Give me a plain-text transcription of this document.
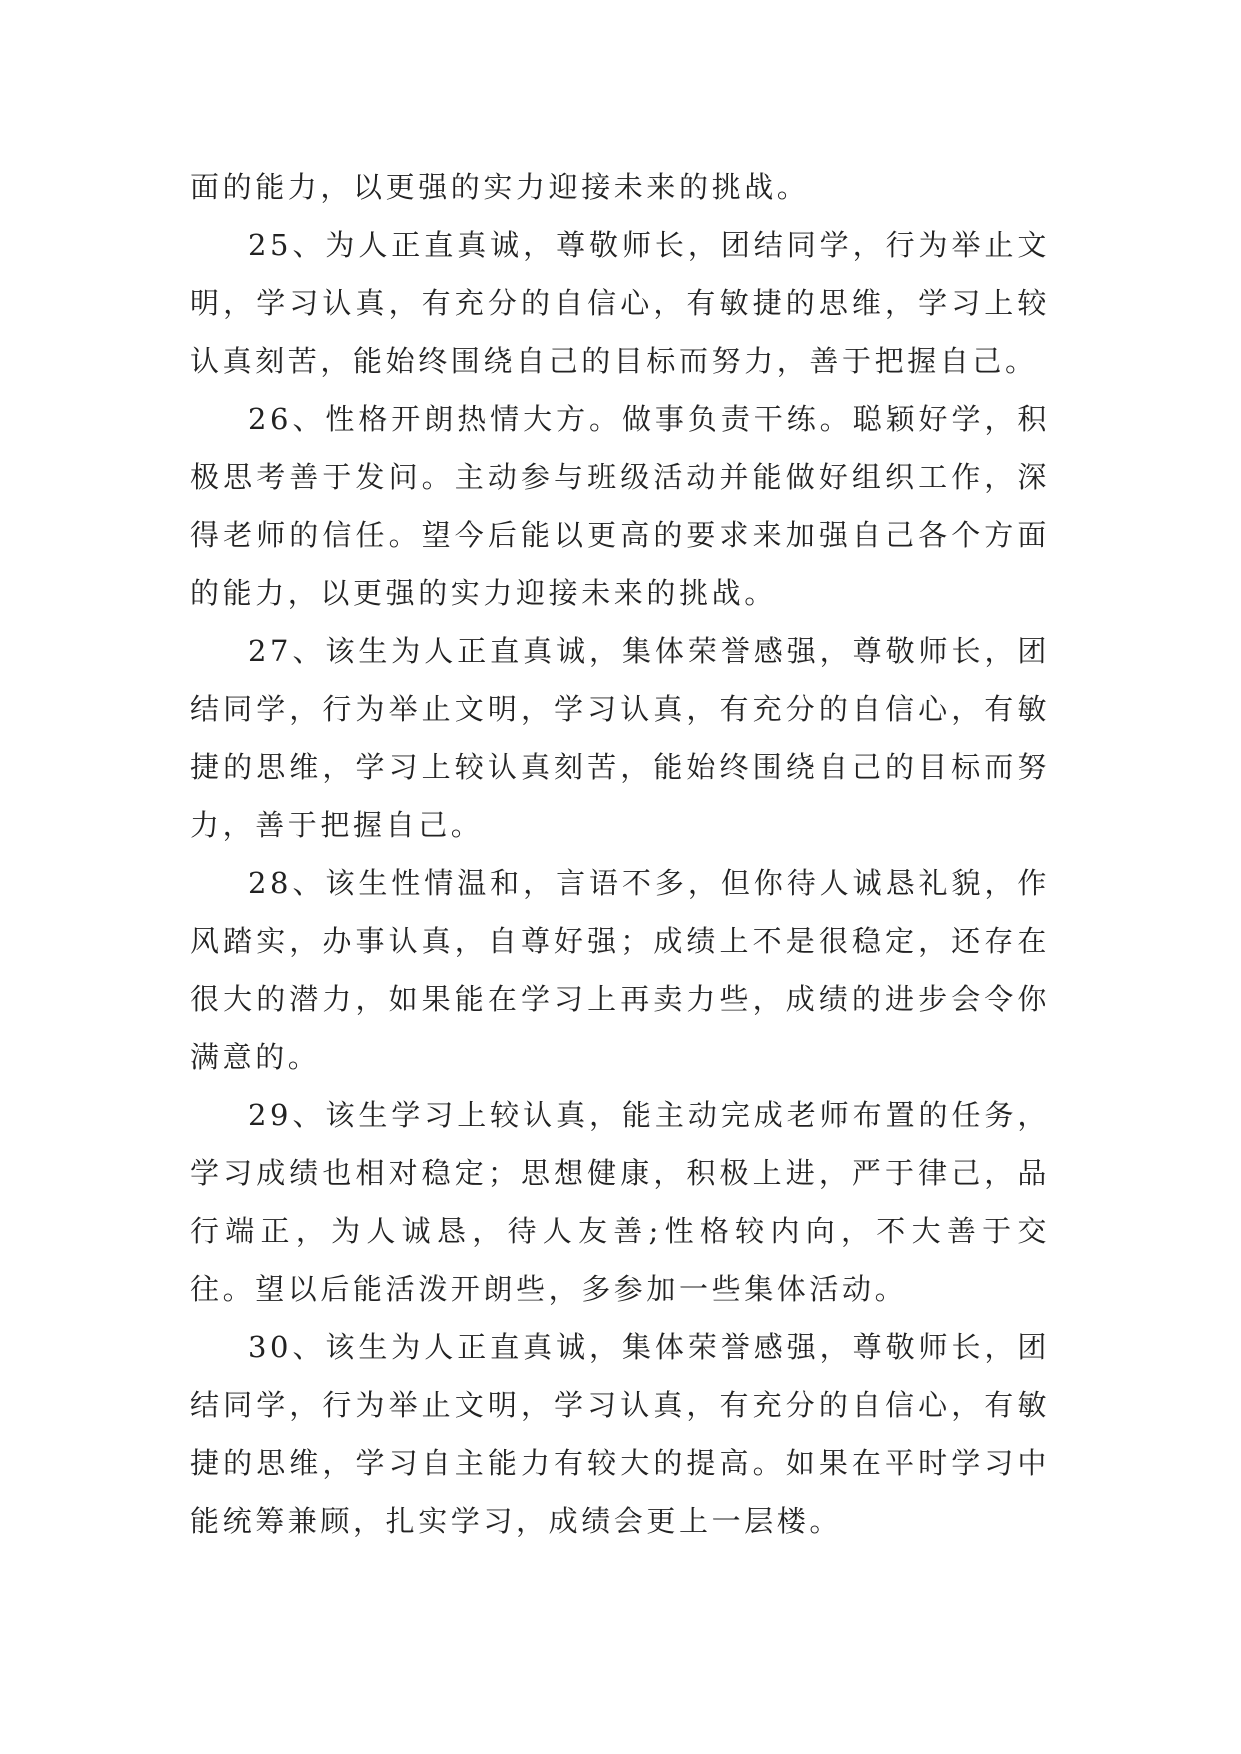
面的能力，以更强的实力迎接未来的挑战。

25、为人正直真诚，尊敬师长，团结同学，行为举止文明，学习认真，有充分的自信心，有敏捷的思维，学习上较认真刻苦，能始终围绕自己的目标而努力，善于把握自己。

26、性格开朗热情大方。做事负责干练。聪颖好学，积极思考善于发问。主动参与班级活动并能做好组织工作，深得老师的信任。望今后能以更高的要求来加强自己各个方面的能力，以更强的实力迎接未来的挑战。

27、该生为人正直真诚，集体荣誉感强，尊敬师长，团结同学，行为举止文明，学习认真，有充分的自信心，有敏捷的思维，学习上较认真刻苦，能始终围绕自己的目标而努力，善于把握自己。

28、该生性情温和，言语不多，但你待人诚恳礼貌，作风踏实，办事认真，自尊好强；成绩上不是很稳定，还存在很大的潜力，如果能在学习上再卖力些，成绩的进步会令你满意的。

29、该生学习上较认真，能主动完成老师布置的任务，学习成绩也相对稳定；思想健康，积极上进，严于律己，品行端正，为人诚恳，待人友善;性格较内向，不大善于交往。望以后能活泼开朗些，多参加一些集体活动。

30、该生为人正直真诚，集体荣誉感强，尊敬师长，团结同学，行为举止文明，学习认真，有充分的自信心，有敏捷的思维，学习自主能力有较大的提高。如果在平时学习中能统筹兼顾，扎实学习，成绩会更上一层楼。
